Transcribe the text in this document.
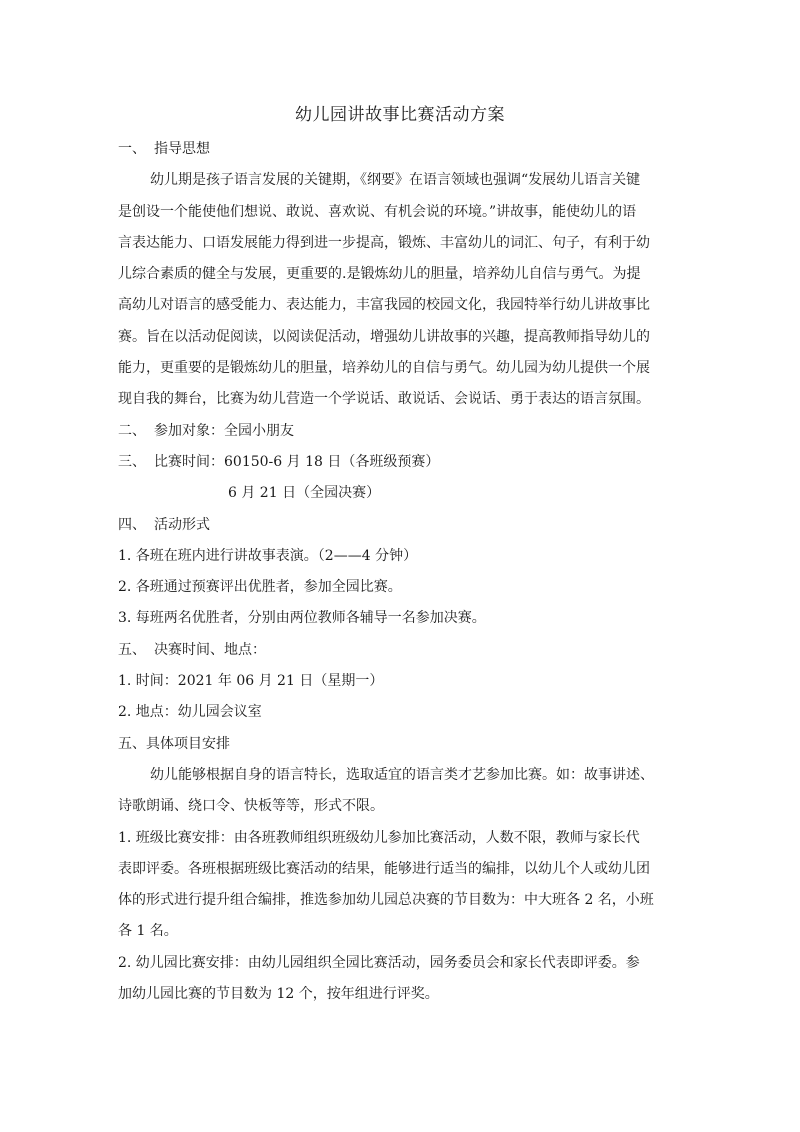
幼儿园讲故事比赛活动方案
一、 指导思想
幼儿期是孩子语言发展的关键期，《纲要》在语言领域也强调“发展幼儿语言关键
是创设一个能使他们想说、敢说、喜欢说、有机会说的环境。”讲故事，能使幼儿的语
言表达能力、口语发展能力得到进一步提高，锻炼、丰富幼儿的词汇、句子，有利于幼
儿综合素质的健全与发展，更重要的.是锻炼幼儿的胆量，培养幼儿自信与勇气。为提
高幼儿对语言的感受能力、表达能力，丰富我园的校园文化，我园特举行幼儿讲故事比
赛。旨在以活动促阅读，以阅读促活动，增强幼儿讲故事的兴趣，提高教师指导幼儿的
能力，更重要的是锻炼幼儿的胆量，培养幼儿的自信与勇气。幼儿园为幼儿提供一个展
现自我的舞台，比赛为幼儿营造一个学说话、敢说话、会说话、勇于表达的语言氛围。
二、 参加对象：全园小朋友
三、 比赛时间：60150-6 月 18 日（各班级预赛）
6 月 21 日（全园决赛）
四、 活动形式
1. 各班在班内进行讲故事表演。（2——4 分钟）
2. 各班通过预赛评出优胜者，参加全园比赛。
3. 每班两名优胜者，分别由两位教师各辅导一名参加决赛。
五、 决赛时间、地点：
1. 时间：2021 年 06 月 21 日（星期一）
2. 地点：幼儿园会议室
五、具体项目安排
幼儿能够根据自身的语言特长，选取适宜的语言类才艺参加比赛。如：故事讲述、
诗歌朗诵、绕口令、快板等等，形式不限。
1. 班级比赛安排：由各班教师组织班级幼儿参加比赛活动，人数不限，教师与家长代
表即评委。各班根据班级比赛活动的结果，能够进行适当的编排，以幼儿个人或幼儿团
体的形式进行提升组合编排，推选参加幼儿园总决赛的节目数为：中大班各 2 名，小班
各 1 名。
2. 幼儿园比赛安排：由幼儿园组织全园比赛活动，园务委员会和家长代表即评委。参
加幼儿园比赛的节目数为 12 个，按年组进行评奖。
